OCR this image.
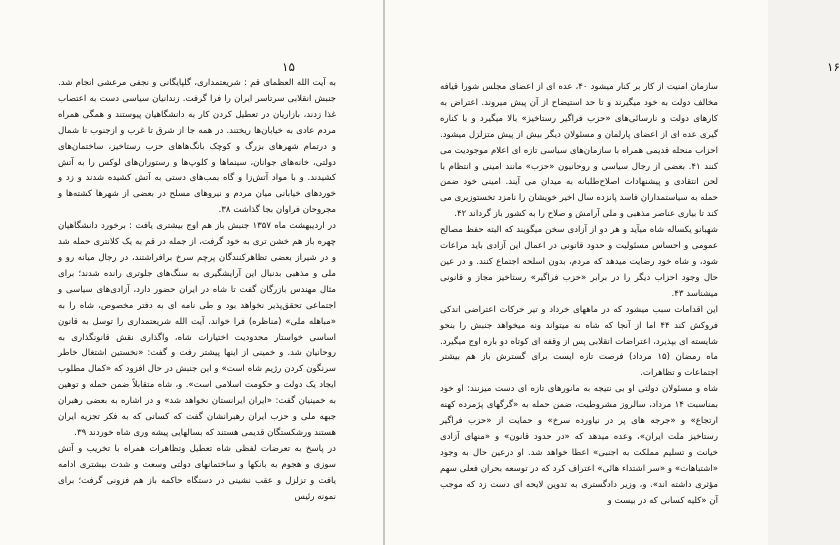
۱۵

به آیت الله العظمای قم : شریعتمداری، گلپایگانی و نجفی مرعشی انجام شد. جنبش انقلابی سرتاسر ایران را فرا گرفت. زندانیان سیاسی دست به اعتصاب غذا زدند، بازاریان در تعطیل کردن کار به دانشگاهیان پیوستند و همگی همراه مردم عادی به خیابان‌ها ریختند. در همه جا از شرق تا غرب و ازجنوب تا شمال و درتمام شهرهای بزرگ و کوچک بانگ‌هاهای حزب رستاخیز، ساختمان‌های دولتی، خانه‌های جوانان، سینماها و کلوپ‌ها و رستوران‌های لوکس را به آتش کشیدند. و با مواد آتش‌زا و گاه بمب‌های دستی به آتش کشیده شدند و زد و خورد‌های خیابانی میان مردم و نیروهای مسلح در بعضی از شهرها کشته‌ها و مجروحان فراوان بجا گذاشت ۳۸.

در اردیبهشت ماه ۱۳۵۷ جنبش باز هم اوج بیشتری یافت : برخورد دانشگاهیان چهره باز هم خشن تری به خود گرفت، از جمله در قم به یک کلانتری حمله شد و در شیراز بعضی تظاهرکنندگان پرچم سرخ برافراشتند، در رجال میانه رو و ملی و مذهبی بدنبال این آرایشگیری به سنگ‌های جلوتری رانده شدند؛ برای مثال مهندس بازرگان گفت تا شاه در ایران حضور دارد، آزادی‌های سیاسی و اجتماعی تحقق‌پذیر نخواهد بود و طی نامه ای به دفتر مخصوص، شاه را به «مباهله ملی» (مناظره) فرا خواند. آیت الله شریعتمداری را توسل به قانون اساسی خواستار محدودیت اختیارات شاه، واگذاری نقش قانونگذاری به روحانیان شد. و خمینی از اینها پیشتر رفت و گفت: «نخستین اشتغال خاطر سرنگون کردن رژیم شاه است» و این جنبش در حال افزود که «کمال مطلوب ایجاد یک دولت و حکومت اسلامی است». و، شاه متقابلاً ضمن حمله و توهین به خمینیان گفت: «ایران ایرانستان نخواهد شد» و در اشاره به بعضی رهبران جبهه ملی و حزب ایران رهبرانشان گفت که کسانی که به فکر تجزیه ایران هستند ورشکستگان قدیمی هستند که بسالهایی پیشه وری شاه خوردند ۳۹.

در پاسخ به تعرضات لفظی شاه تعطیل وتظاهرات همراه با تخریب و آتش سوزی و هجوم به بانکها و ساختمانهای دولتی وسعت و شدت بیشتری ادامه یافت و تزلزل و عقب نشینی در دستگاه حاکمه باز هم فزونی گرفت؛ برای نمونه رئیس

۱۶

سازمان امنیت از کار بر کنار میشود ۴۰، عده ای از اعضای مجلس شورا قیافه مخالف دولت به خود میگیرند و تا حد استیضاح از آن پیش میروند. اعتراض به کارهای دولت و نارسائی‌های «حزب فراگیر رستاخیز» بالا میگیرد و با کناره گیری عده ای از اعضای پارلمان و مسئولان دیگر بیش از پیش متزلزل میشود. احزاب منحله قدیمی همراه با سازمان‌های سیاسی تازه ای اعلام موجودیت می کنند ۴۱. بعضی از رجال سیاسی و روحانیون «حزب» مانند امینی و انتظام با لحن انتقادی و پیشنهادات اصلاح‌طلبانه به میدان می آیند. امینی خود ضمن حمله به سیاستمداران فاسد پانزده سال اخیر خویشان را نامزد تخستوزیری می کند تا بیاری عناصر مذهبی و ملی آرامش و صلاح را به کشور باز گرداند ۴۲.

شهبانو یکساله شاه میآید و هر دو از آزادی سخن میگویند که البته حفظ مصالح عمومی و احساس مسئولیت و حدود قانونی در اعمال این آزادی باید مراعات شود، و شاه خود رضایت میدهد که مردم، بدون اسلحه اجتماع کنند. و در عین حال وجود احزاب دیگر را در برابر «حزب فراگیر» رستاخیز مجاز و قانونی میشناسد ۴۳.

این اقدامات سبب میشود که در ماههای خرداد و تیر حرکات اعتراضی اندکی فروکش کند ۴۴ اما از آنجا که شاه نه میتواند ونه میخواهد جنبش را بنحو شایسته ای بپذیرد، اعتراضات انقلابی پس از وقفه ای کوتاه دو باره اوج میگیرد. ماه رمضان (۱۵ مرداد) فرصت تازه ایست برای گسترش باز هم بیشتر اجتماعات و تظاهرات.

شاه و مسئولان دولتی او بی نتیجه به مانورهای تازه ای دست میزنند: او خود بمناسبت ۱۴ مرداد، سالروز مشروطیت، ضمن حمله به «گرگهای پژمرده کهنه ارتجاع» و «جرجه های پر در نیاورده سرخ» و حمایت از «حزب فراگیر رستاخیز ملت ایران»، وعده میدهد که «در حدود قانون» و «منهای آزادی خیانت و تسلیم مملکت به اجنبی» اعطا خواهد شد. او درعین حال به وجود «اشتباهات» و «سر اشتداء هائی» اعتراف کرد که در توسعه بحران فعلی سهم مؤثری داشته اند». و، وزیر دادگستری به تدوین لایحه ای دست زد که موجب آن «کلیه کسانی که در بیست و
